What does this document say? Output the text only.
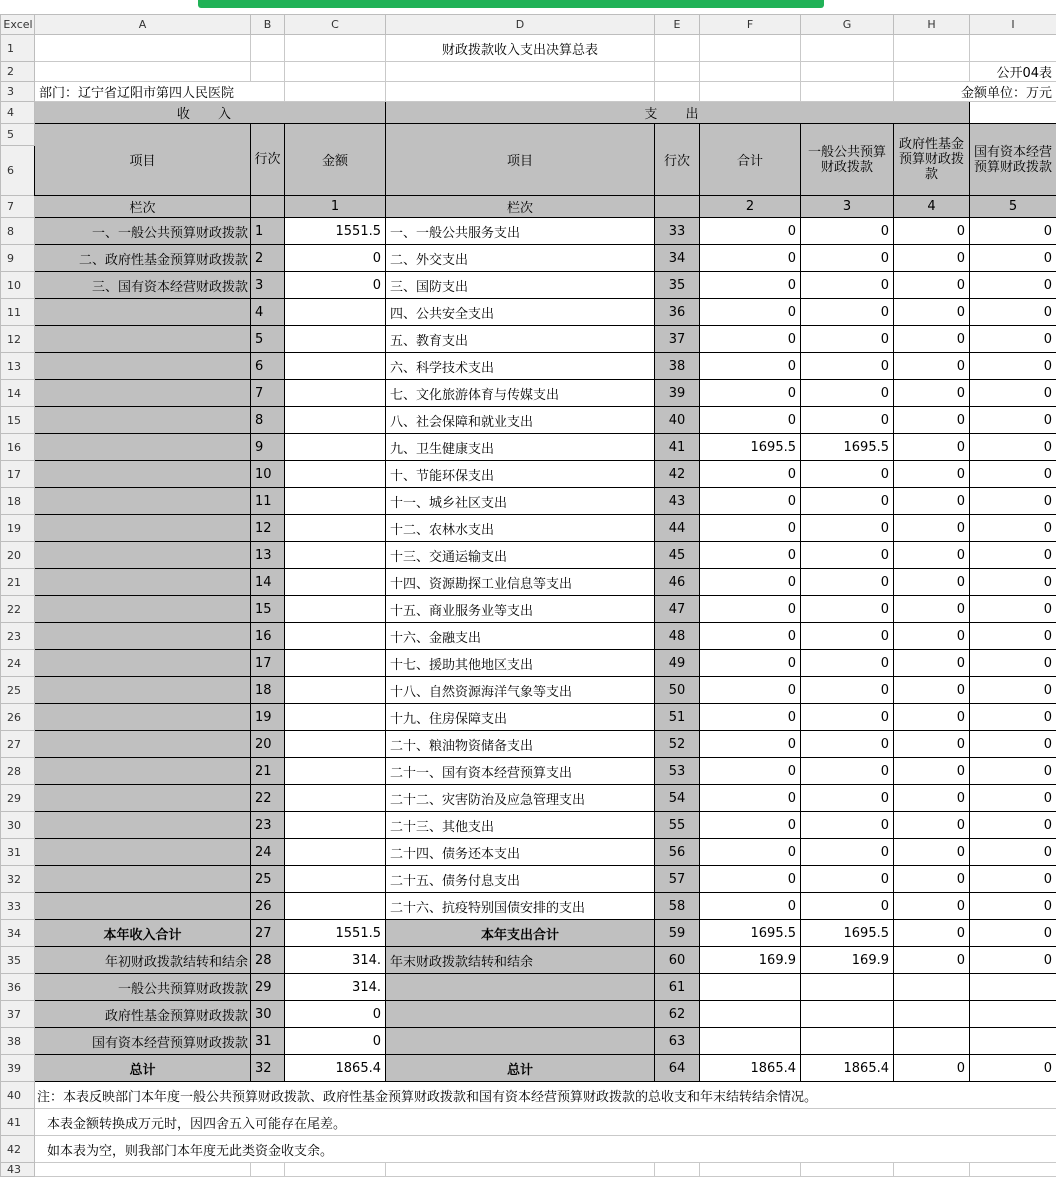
Excel	A	B	C	D	E	F	G	H	I
1				财政拨款收入支出决算总表					
2									公开04表
3	部门：辽宁省辽阳市第四人民医院							金额单位：万元	
4	收 入			支 出					
5	项目	行次	金额	项目	行次	合计	一般公共预算财政拨款	政府性基金预算财政拨款	国有资本经营预算财政拨款
6									
7	栏次		1	栏次		2	3	4	5
8	一、一般公共预算财政拨款	1	1551.5	一、一般公共服务支出	33	0	0	0	0
9	二、政府性基金预算财政拨款	2	0	二、外交支出	34	0	0	0	0
10	三、国有资本经营财政拨款	3	0	三、国防支出	35	0	0	0	0
11		4		四、公共安全支出	36	0	0	0	0
12		5		五、教育支出	37	0	0	0	0
13		6		六、科学技术支出	38	0	0	0	0
14		7		七、文化旅游体育与传媒支出	39	0	0	0	0
15		8		八、社会保障和就业支出	40	0	0	0	0
16		9		九、卫生健康支出	41	1695.5	1695.5	0	0
17		10		十、节能环保支出	42	0	0	0	0
18		11		十一、城乡社区支出	43	0	0	0	0
19		12		十二、农林水支出	44	0	0	0	0
20		13		十三、交通运输支出	45	0	0	0	0
21		14		十四、资源勘探工业信息等支出	46	0	0	0	0
22		15		十五、商业服务业等支出	47	0	0	0	0
23		16		十六、金融支出	48	0	0	0	0
24		17		十七、援助其他地区支出	49	0	0	0	0
25		18		十八、自然资源海洋气象等支出	50	0	0	0	0
26		19		十九、住房保障支出	51	0	0	0	0
27		20		二十、粮油物资储备支出	52	0	0	0	0
28		21		二十一、国有资本经营预算支出	53	0	0	0	0
29		22		二十二、灾害防治及应急管理支出	54	0	0	0	0
30		23		二十三、其他支出	55	0	0	0	0
31		24		二十四、债务还本支出	56	0	0	0	0
32		25		二十五、债务付息支出	57	0	0	0	0
33		26		二十六、抗疫特别国债安排的支出	58	0	0	0	0
34	本年收入合计	27	1551.5	本年支出合计	59	1695.5	1695.5	0	0
35	年初财政拨款结转和结余	28	314.	年末财政拨款结转和结余	60	169.9	169.9	0	0
36	一般公共预算财政拨款	29	314.		61				
37	政府性基金预算财政拨款	30	0		62				
38	国有资本经营预算财政拨款	31	0		63				
39	总计	32	1865.4	总计	64	1865.4	1865.4	0	0
40	注：本表反映部门本年度一般公共预算财政拨款、政府性基金预算财政拨款和国有资本经营预算财政拨款的总收支和年末结转结余情况。								
41	本表金额转换成万元时，因四舍五入可能存在尾差。								
42	如本表为空，则我部门本年度无此类资金收支余。								
43									
